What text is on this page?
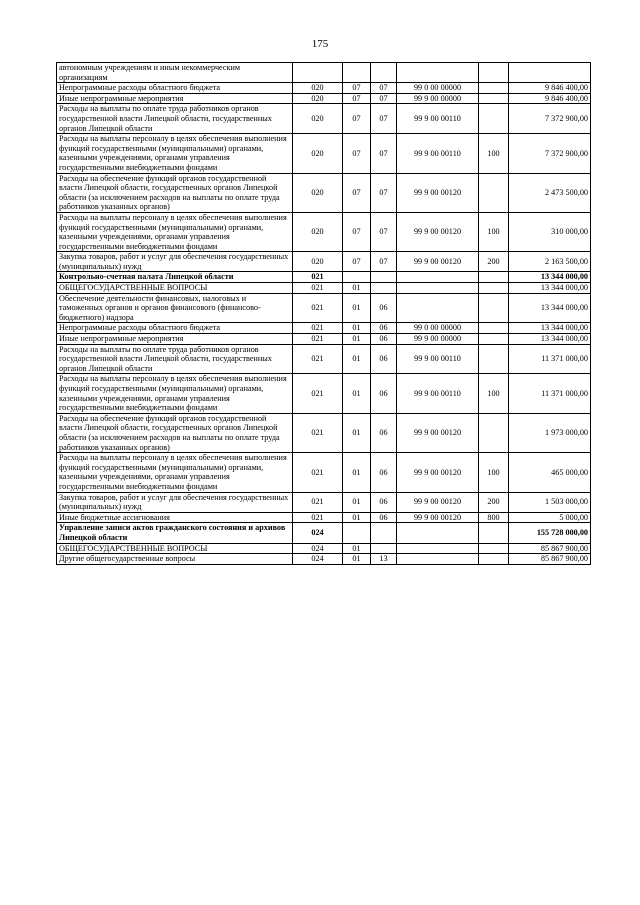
175
автономным учреждениям и иным некоммерческим организациям						
Непрограммные расходы областного бюджета	020	07	07	99 0 00 00000		9 846 400,00
Иные непрограммные мероприятия	020	07	07	99 9 00 00000		9 846 400,00
Расходы на выплаты по оплате труда работников органов государственной власти Липецкой области, государственных органов Липецкой области	020	07	07	99 9 00 00110		7 372 900,00
Расходы на выплаты персоналу в целях обеспечения выполнения функций государственными (муниципальными) органами, казенными учреждениями, органами управления государственными внебюджетными фондами	020	07	07	99 9 00 00110	100	7 372 900,00
Расходы на обеспечение функций органов государственной власти Липецкой области, государственных органов Липецкой области (за исключением расходов на выплаты по оплате труда работников указанных органов)	020	07	07	99 9 00 00120		2 473 500,00
Расходы на выплаты персоналу в целях обеспечения выполнения функций государственными (муниципальными) органами, казенными учреждениями, органами управления государственными внебюджетными фондами	020	07	07	99 9 00 00120	100	310 000,00
Закупка товаров, работ и услуг для обеспечения государственных (муниципальных) нужд	020	07	07	99 9 00 00120	200	2 163 500,00
Контрольно-счетная палата Липецкой области	021					13 344 000,00
ОБЩЕГОСУДАРСТВЕННЫЕ ВОПРОСЫ	021	01				13 344 000,00
Обеспечение деятельности финансовых, налоговых и таможенных органов и органов финансового (финансово-бюджетного) надзора	021	01	06			13 344 000,00
Непрограммные расходы областного бюджета	021	01	06	99 0 00 00000		13 344 000,00
Иные непрограммные мероприятия	021	01	06	99 9 00 00000		13 344 000,00
Расходы на выплаты по оплате труда работников органов государственной власти Липецкой области, государственных органов Липецкой области	021	01	06	99 9 00 00110		11 371 000,00
Расходы на выплаты персоналу в целях обеспечения выполнения функций государственными (муниципальными) органами, казенными учреждениями, органами управления государственными внебюджетными фондами	021	01	06	99 9 00 00110	100	11 371 000,00
Расходы на обеспечение функций органов государственной власти Липецкой области, государственных органов Липецкой области (за исключением расходов на выплаты по оплате труда работников указанных органов)	021	01	06	99 9 00 00120		1 973 000,00
Расходы на выплаты персоналу в целях обеспечения выполнения функций государственными (муниципальными) органами, казенными учреждениями, органами управления государственными внебюджетными фондами	021	01	06	99 9 00 00120	100	465 000,00
Закупка товаров, работ и услуг для обеспечения государственных (муниципальных) нужд	021	01	06	99 9 00 00120	200	1 503 000,00
Иные бюджетные ассигнования	021	01	06	99 9 00 00120	800	5 000,00
Управление записи актов гражданского состояния и архивов Липецкой области	024					155 728 000,00
ОБЩЕГОСУДАРСТВЕННЫЕ ВОПРОСЫ	024	01				85 867 900,00
Другие общегосударственные вопросы	024	01	13			85 867 900,00
